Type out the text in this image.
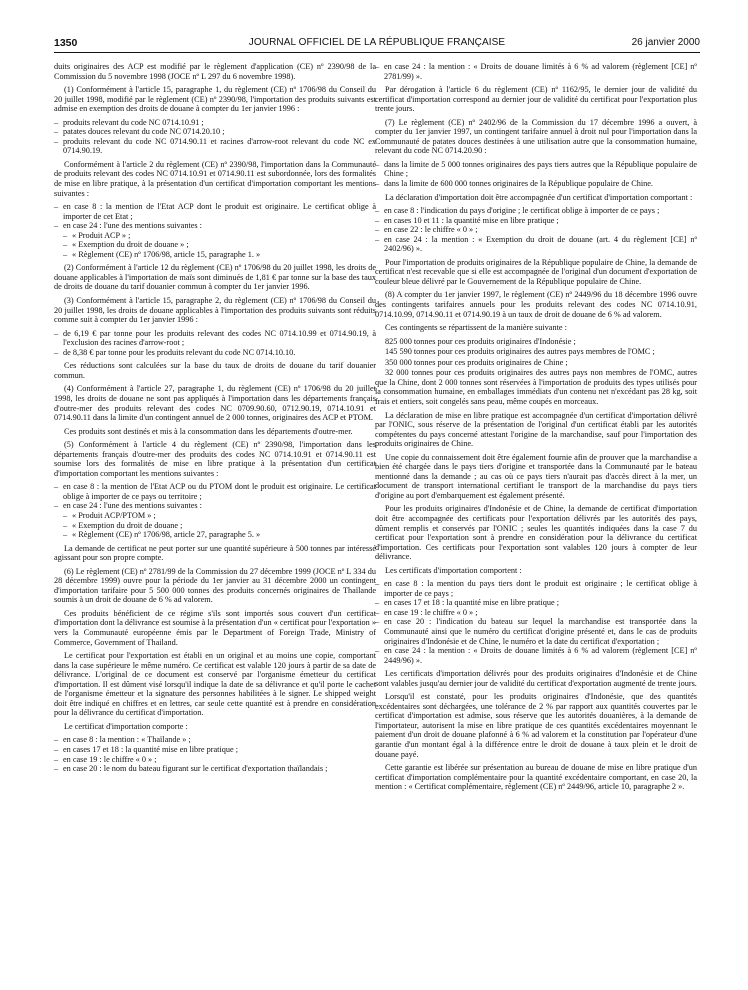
1350	JOURNAL OFFICIEL DE LA RÉPUBLIQUE FRANÇAISE	26 janvier 2000

duits originaires des ACP est modifié par le règlement d'application (CE) nº 2390/98 de la Commission du 5 novembre 1998 (JOCE nº L 297 du 6 novembre 1998).

(1) Conformément à l'article 15, paragraphe 1, du règlement (CE) nº 1706/98 du Conseil du 20 juillet 1998, modifié par le règlement (CE) nº 2390/98, l'importation des produits suivants est admise en exemption des droits de douane à compter du 1er janvier 1996 :

– produits relevant du code NC 0714.10.91 ;

– patates douces relevant du code NC 0714.20.10 ;

– produits relevant du code NC 0714.90.11 et racines d'arrow-root relevant du code NC ex 0714.90.19.

Conformément à l'article 2 du règlement (CE) nº 2390/98, l'importation dans la Communauté de produits relevant des codes NC 0714.10.91 et 0714.90.11 est subordonnée, lors des formalités de mise en libre pratique, à la présentation d'un certificat d'importation comportant les mentions suivantes :

– en case 8 : la mention de l'Etat ACP dont le produit est originaire. Le certificat oblige à importer de cet Etat ;

– en case 24 : l'une des mentions suivantes :

– « Produit ACP » ;

– « Exemption du droit de douane » ;

– « Règlement (CE) nº 1706/98, article 15, paragraphe 1. »

(2) Conformément à l'article 12 du règlement (CE) nº 1706/98 du 20 juillet 1998, les droits de douane applicables à l'importation de maïs sont diminués de 1,81 € par tonne sur la base des taux de droits de douane du tarif douanier commun à compter du 1er janvier 1996.

(3) Conformément à l'article 15, paragraphe 2, du règlement (CE) nº 1706/98 du Conseil du 20 juillet 1998, les droits de douane applicables à l'importation des produits suivants sont réduits comme suit à compter du 1er janvier 1996 :

– de 6,19 € par tonne pour les produits relevant des codes NC 0714.10.99 et 0714.90.19, à l'exclusion des racines d'arrow-root ;

– de 8,38 € par tonne pour les produits relevant du code NC 0714.10.10.

Ces réductions sont calculées sur la base du taux de droits de douane du tarif douanier commun.

(4) Conformément à l'article 27, paragraphe 1, du règlement (CE) nº 1706/98 du 20 juillet 1998, les droits de douane ne sont pas appliqués à l'importation dans les départements français d'outre-mer des produits relevant des codes NC 0709.90.60, 0712.90.19, 0714.10.91 et 0714.90.11 dans la limite d'un contingent annuel de 2 000 tonnes, originaires des ACP et PTOM.

Ces produits sont destinés et mis à la consommation dans les départements d'outre-mer.

(5) Conformément à l'article 4 du règlement (CE) nº 2390/98, l'importation dans les départements français d'outre-mer des produits des codes NC 0714.10.91 et 0714.90.11 est soumise lors des formalités de mise en libre pratique à la présentation d'un certificat d'importation comportant les mentions suivantes :

– en case 8 : la mention de l'Etat ACP ou du PTOM dont le produit est originaire. Le certificat oblige à importer de ce pays ou territoire ;

– en case 24 : l'une des mentions suivantes :

– « Produit ACP/PTOM » ;

– « Exemption du droit de douane ;

– « Règlement (CE) nº 1706/98, article 27, paragraphe 5. »

La demande de certificat ne peut porter sur une quantité supérieure à 500 tonnes par intéressé agissant pour son propre compte.

(6) Le règlement (CE) nº 2781/99 de la Commission du 27 décembre 1999 (JOCE nº L 334 du 28 décembre 1999) ouvre pour la période du 1er janvier au 31 décembre 2000 un contingent d'importation tarifaire pour 5 500 000 tonnes des produits concernés originaires de Thaïlande soumis à un droit de douane de 6 % ad valorem.

Ces produits bénéficient de ce régime s'ils sont importés sous couvert d'un certificat d'importation dont la délivrance est soumise à la présentation d'un « certificat pour l'exportation » vers la Communauté européenne émis par le Department of Foreign Trade, Ministry of Commerce, Government of Thailand.

Le certificat pour l'exportation est établi en un original et au moins une copie, comportant dans la case supérieure le même numéro. Ce certificat est valable 120 jours à partir de sa date de délivrance. L'original de ce document est conservé par l'organisme émetteur du certificat d'importation. Il est dûment visé lorsqu'il indique la date de sa délivrance et qu'il porte le cachet de l'organisme émetteur et la signature des personnes habilitées à le signer. Le shipped weight doit être indiqué en chiffres et en lettres, car seule cette quantité est à prendre en considération pour la délivrance du certificat d'importation.

Le certificat d'importation comporte :

– en case 8 : la mention : « Thaïlande » ;

– en cases 17 et 18 : la quantité mise en libre pratique ;

– en case 19 : le chiffre « 0 » ;

– en case 20 : le nom du bateau figurant sur le certificat d'exportation thaïlandais ;

– en case 24 : la mention : « Droits de douane limités à 6 % ad valorem (règlement [CE] nº 2781/99) ».

Par dérogation à l'article 6 du règlement (CE) nº 1162/95, le dernier jour de validité du certificat d'importation correspond au dernier jour de validité du certificat pour l'exportation plus trente jours.

(7) Le règlement (CE) nº 2402/96 de la Commission du 17 décembre 1996 a ouvert, à compter du 1er janvier 1997, un contingent tarifaire annuel à droit nul pour l'importation dans la Communauté de patates douces destinées à une utilisation autre que la consommation humaine, relevant du code NC 0714.20.90 :

– dans la limite de 5 000 tonnes originaires des pays tiers autres que la République populaire de Chine ;

– dans la limite de 600 000 tonnes originaires de la République populaire de Chine.

La déclaration d'importation doit être accompagnée d'un certificat d'importation comportant :

– en case 8 : l'indication du pays d'origine ; le certificat oblige à importer de ce pays ;

– en cases 10 et 11 : la quantité mise en libre pratique ;

– en case 22 : le chiffre « 0 » ;

– en case 24 : la mention : « Exemption du droit de douane (art. 4 du règlement [CE] nº 2402/96) ».

Pour l'importation de produits originaires de la République populaire de Chine, la demande de certificat n'est recevable que si elle est accompagnée de l'original d'un document d'exportation de couleur bleue délivré par le Gouvernement de la République populaire de Chine.

(8) A compter du 1er janvier 1997, le règlement (CE) nº 2449/96 du 18 décembre 1996 ouvre des contingents tarifaires annuels pour les produits relevant des codes NC 0714.10.91, 0714.10.99, 0714.90.11 et 0714.90.19 à un taux de droit de douane de 6 % ad valorem.

Ces contingents se répartissent de la manière suivante :

825 000 tonnes pour ces produits originaires d'Indonésie ;

145 590 tonnes pour ces produits originaires des autres pays membres de l'OMC ;

350 000 tonnes pour ces produits originaires de Chine ;

32 000 tonnes pour ces produits originaires des autres pays non membres de l'OMC, autres que la Chine, dont 2 000 tonnes sont réservées à l'importation de produits des types utilisés pour la consommation humaine, en emballages immédiats d'un contenu net n'excédant pas 28 kg, soit frais et entiers, soit congelés sans peau, même coupés en morceaux.

La déclaration de mise en libre pratique est accompagnée d'un certificat d'importation délivré par l'ONIC, sous réserve de la présentation de l'original d'un certificat établi par les autorités compétentes du pays concerné attestant l'origine de la marchandise, sauf pour l'importation des produits originaires de Chine.

Une copie du connaissement doit être également fournie afin de prouver que la marchandise a bien été chargée dans le pays tiers d'origine et transportée dans la Communauté par le bateau mentionné dans la demande ; au cas où ce pays tiers n'aurait pas d'accès direct à la mer, un document de transport international certifiant le transport de la marchandise du pays tiers d'origine au port d'embarquement est également présenté.

Pour les produits originaires d'Indonésie et de Chine, la demande de certificat d'importation doit être accompagnée des certificats pour l'exportation délivrés par les autorités des pays, dûment remplis et conservés par l'ONIC ; seules les quantités indiquées dans la case 7 du certificat pour l'exportation sont à prendre en considération pour la délivrance du certificat d'importation. Ces certificats pour l'exportation sont valables 120 jours à compter de leur délivrance.

Les certificats d'importation comportent :

– en case 8 : la mention du pays tiers dont le produit est originaire ; le certificat oblige à importer de ce pays ;

– en cases 17 et 18 : la quantité mise en libre pratique ;

– en case 19 : le chiffre « 0 » ;

– en case 20 : l'indication du bateau sur lequel la marchandise est transportée dans la Communauté ainsi que le numéro du certificat d'origine présenté et, dans le cas de produits originaires d'Indonésie et de Chine, le numéro et la date du certificat d'exportation ;

– en case 24 : la mention : « Droits de douane limités à 6 % ad valorem (règlement [CE] nº 2449/96) ».

Les certificats d'importation délivrés pour des produits originaires d'Indonésie et de Chine sont valables jusqu'au dernier jour de validité du certificat d'exportation augmenté de trente jours.

Lorsqu'il est constaté, pour les produits originaires d'Indonésie, que des quantités excédentaires sont déchargées, une tolérance de 2 % par rapport aux quantités couvertes par le certificat d'importation est admise, sous réserve que les autorités douanières, à la demande de l'importateur, autorisent la mise en libre pratique de ces quantités excédentaires moyennant le paiement d'un droit de douane plafonné à 6 % ad valorem et la constitution par l'opérateur d'une garantie d'un montant égal à la différence entre le droit de douane à taux plein et le droit de douane payé.

Cette garantie est libérée sur présentation au bureau de douane de mise en libre pratique d'un certificat d'importation complémentaire pour la quantité excédentaire comportant, en case 20, la mention : « Certificat complémentaire, règlement (CE) nº 2449/96, article 10, paragraphe 2 ».
